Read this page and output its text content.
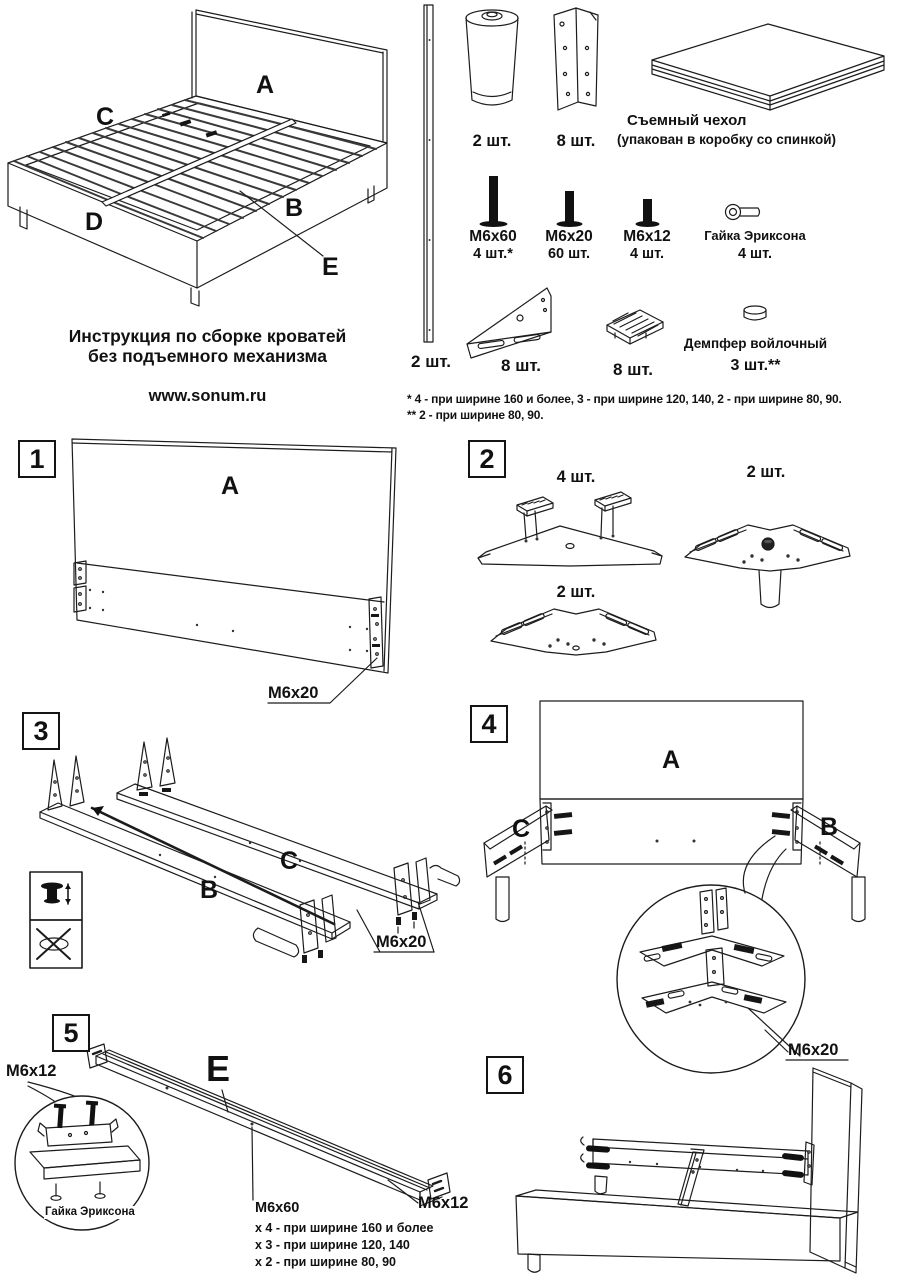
Инструкция по сборке кроватей
без подъемного механизма
www.sonum.ru
A
C
D	B
E
2 шт.
2 шт.	8 шт.
Съемный чехол
(упакован в коробку со спинкой)
M6x60
4 шт.*
M6x20
60 шт.
M6x12
4 шт.
Гайка Эриксона
4 шт.
8 шт.	8 шт.
Демпфер войлочный
3 шт.**
* 4 - при ширине 160 и более, 3 - при ширине 120, 140, 2 - при ширине 80, 90.
** 2 - при ширине 80, 90.
1	2
3	4
5
6
A
M6x20
4 шт.	2 шт.
2 шт.
B
C
M6x20
A
C	B
M6x20
M6x12	E
Гайка Эриксона	M6x60
x 4 - при ширине 160 и более
x 3 - при ширине 120, 140
x 2 - при ширине 80, 90
M6x12
